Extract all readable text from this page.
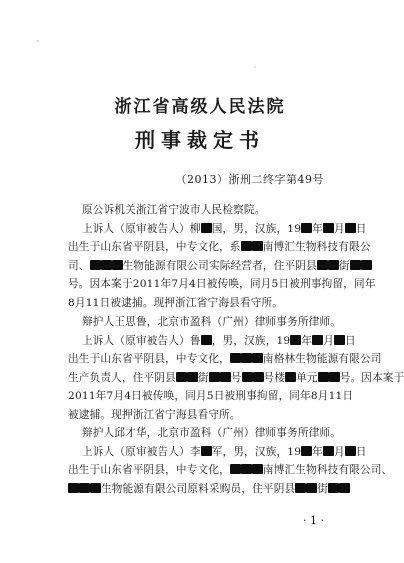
浙江省高级人民法院
刑事裁定书
（2013）浙刑二终字第49号
原公诉机关浙江省宁波市人民检察院。
上诉人（原审被告人）柳 国，男，汉族，19 年 月 日
出生于山东省平阴县，中专文化，系 南博汇生物科技有限公
司、	生物能源有限公司实际经营者，住平阴县 街
号。因本案于2011年7月4日被传唤，同月5日被刑事拘留，同年
8月11日被逮捕。现押浙江省宁海县看守所。
辩护人王思鲁，北京市盈科（广州）律师事务所律师。
上诉人（原审被告人）鲁 ，男，汉族，19 年 月 日
出生于山东省平阴县，中专文化，	南格林生物能源有限公司
生产负责人，住平阴县 街 号 号楼 单元 号。因本案于
2011年7月4日被传唤，同月5日被刑事拘留，同年8月11日
被逮捕。现押浙江省宁海县看守所。
辩护人邱才华，北京市盈科（广州）律师事务所律师。
上诉人（原审被告人）李 军，男，汉族，19 年 月 日
出生于山东省平阴县，中专文化，	南博汇生物科技有限公司、
生物能源有限公司原料采购员，住平阴县 街
· 1 ·
